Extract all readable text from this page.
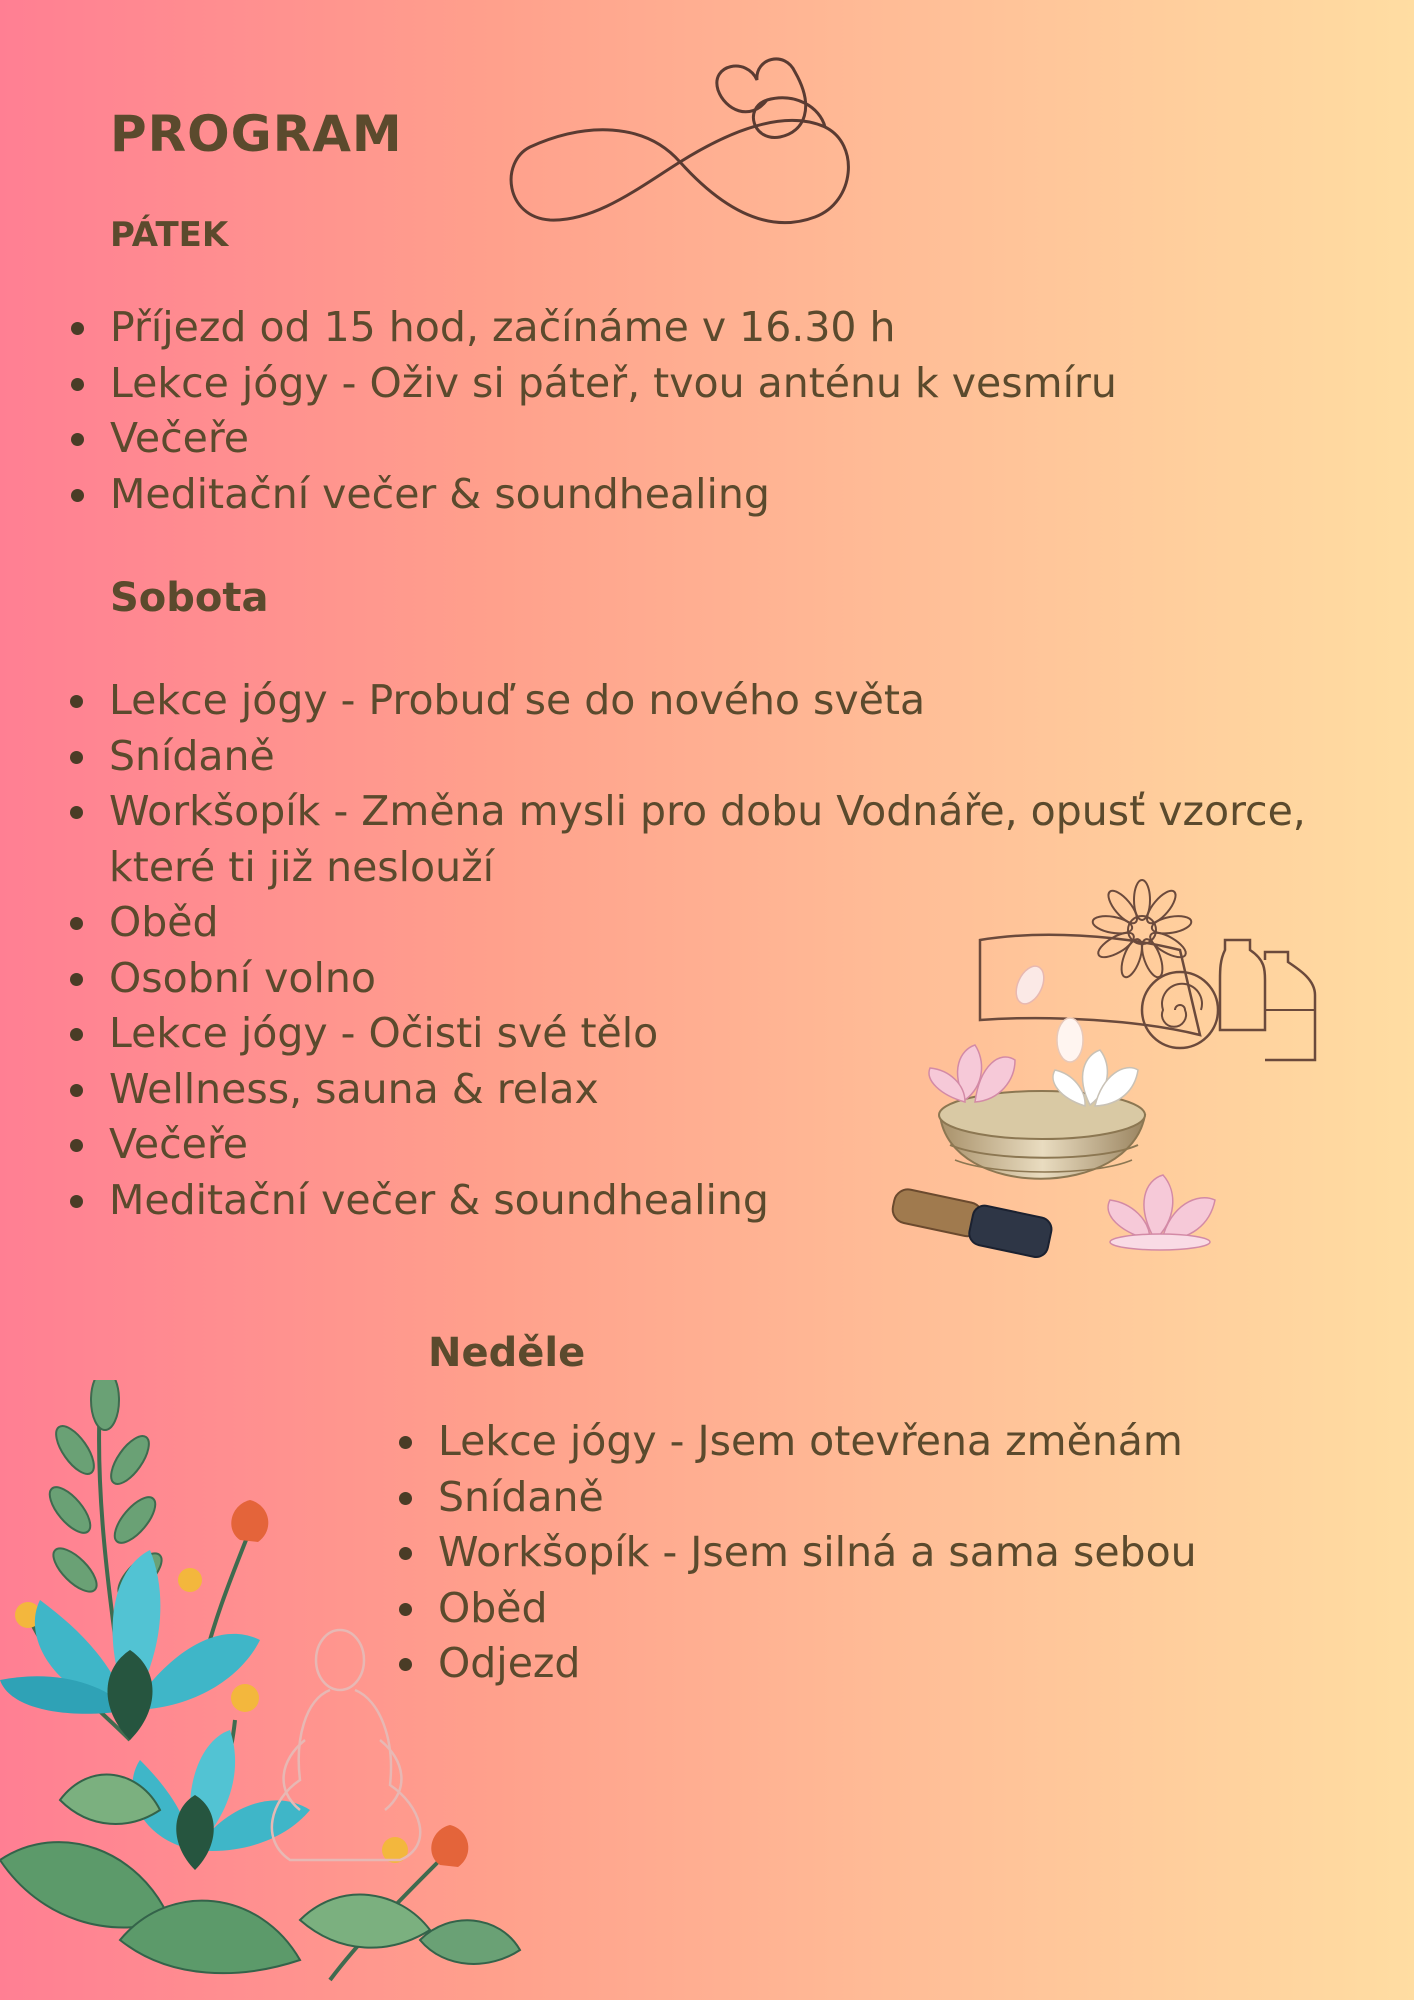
PROGRAM
PÁTEK
Příjezd od 15 hod, začínáme v 16.30 h
Lekce jógy - Oživ si páteř, tvou anténu k vesmíru
Večeře
Meditační večer & soundhealing
Sobota
Lekce jógy - Probuď se do nového světa
Snídaně
Workšopík - Změna mysli pro dobu Vodnáře, opusť vzorce, které ti již neslouží
Oběd
Osobní volno
Lekce jógy - Očisti své tělo
Wellness, sauna & relax
Večeře
Meditační večer & soundhealing
Neděle
Lekce jógy - Jsem otevřena změnám
Snídaně
Workšopík - Jsem silná a sama sebou
Oběd
Odjezd
